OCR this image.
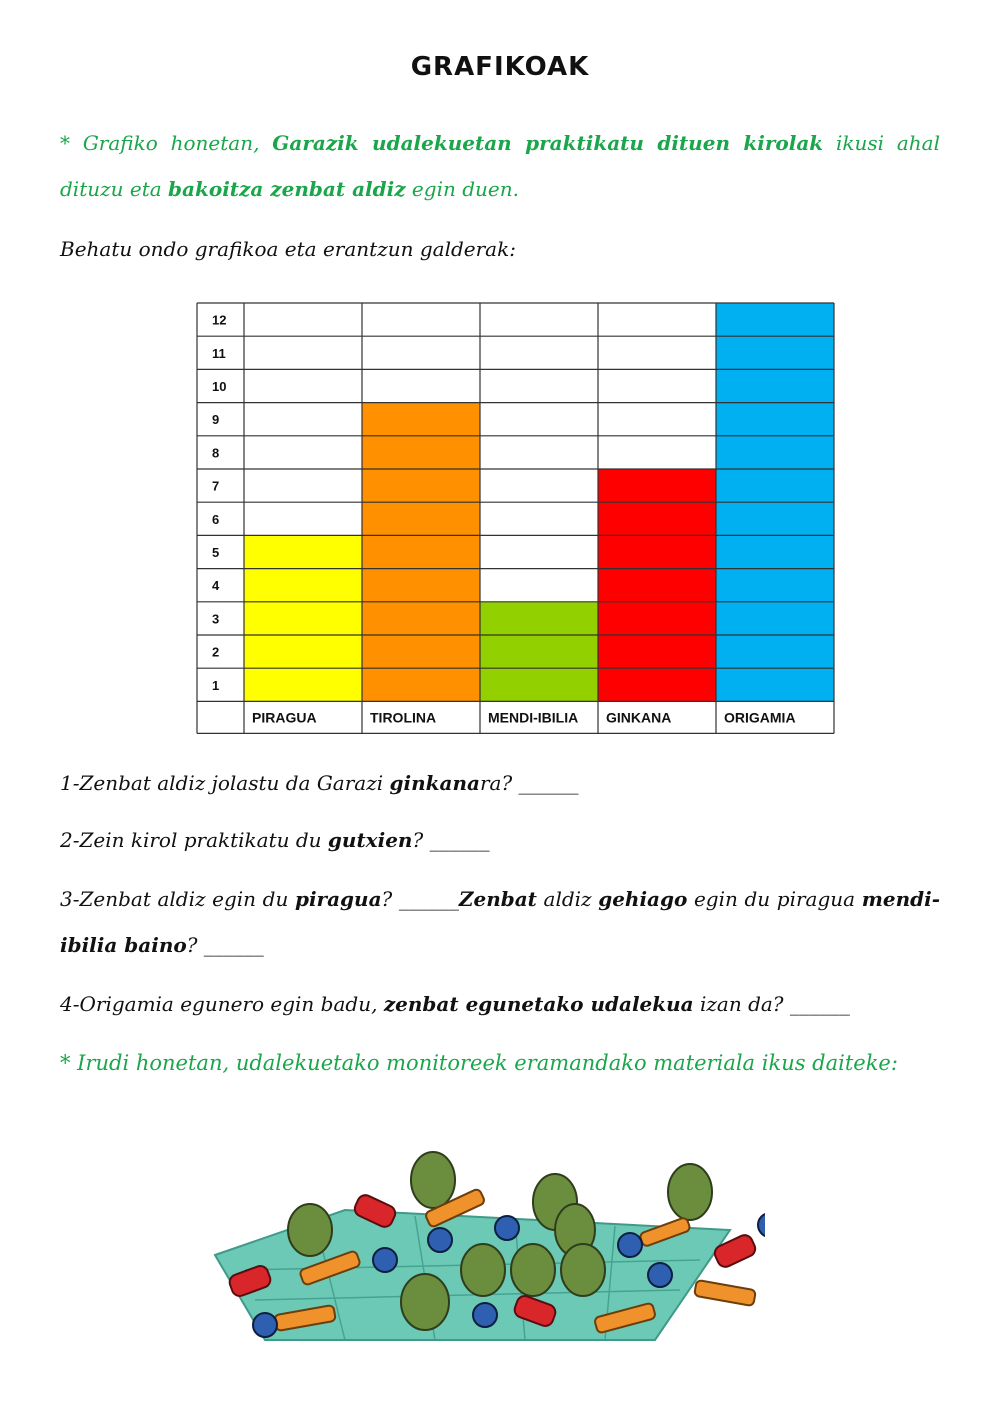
GRAFIKOAK
* Grafiko honetan, Garazik udalekuetan praktikatu dituen kirolak ikusi ahal dituzu eta bakoitza zenbat aldiz egin duen.
Behatu ondo grafikoa eta erantzun galderak:
1
2
3
4
5
6
7
8
9
10
11
12
PIRAGUA	TIROLINA	MENDI-IBILIA GINKANA	ORIGAMIA
1-Zenbat aldiz jolastu da Garazi ginkanara? ______
2-Zein kirol praktikatu du gutxien? ______
3-Zenbat aldiz egin du piragua? ______Zenbat aldiz gehiago egin du piragua mendi-ibilia baino? ______
4-Origamia egunero egin badu, zenbat egunetako udalekua izan da? ______
* Irudi honetan, udalekuetako monitoreek eramandako materiala ikus daiteke:
